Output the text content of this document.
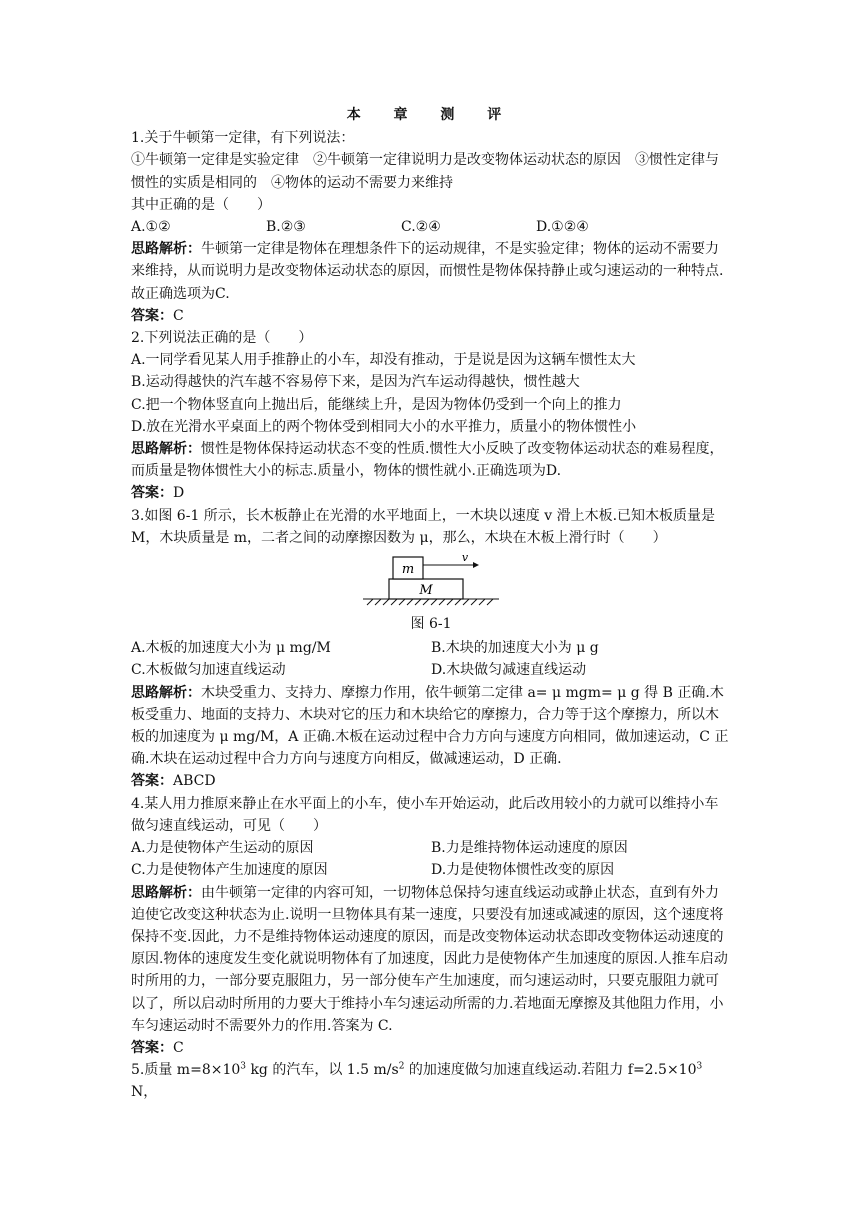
本 章 测 评

1.关于牛顿第一定律，有下列说法：

①牛顿第一定律是实验定律　②牛顿第一定律说明力是改变物体运动状态的原因　③惯性定律与惯性的实质是相同的　④物体的运动不需要力来维持

其中正确的是（　　）

A.①②	B.②③	C.②④	D.①②④

思路解析：牛顿第一定律是物体在理想条件下的运动规律，不是实验定律；物体的运动不需要力来维持，从而说明力是改变物体运动状态的原因，而惯性是物体保持静止或匀速运动的一种特点.故正确选项为C.

答案：C

2.下列说法正确的是（　　）

A.一同学看见某人用手推静止的小车，却没有推动，于是说是因为这辆车惯性太大

B.运动得越快的汽车越不容易停下来，是因为汽车运动得越快，惯性越大

C.把一个物体竖直向上抛出后，能继续上升，是因为物体仍受到一个向上的推力

D.放在光滑水平桌面上的两个物体受到相同大小的水平推力，质量小的物体惯性小

思路解析：惯性是物体保持运动状态不变的性质.惯性大小反映了改变物体运动状态的难易程度，而质量是物体惯性大小的标志.质量小，物体的惯性就小.正确选项为D.

答案：D

3.如图 6-1 所示，长木板静止在光滑的水平地面上，一木块以速度 v 滑上木板.已知木板质量是 M，木块质量是 m，二者之间的动摩擦因数为 μ，那么，木块在木板上滑行时（　　）

m
M
v
图 6-1
A.木板的加速度大小为 μ mg/M	B.木块的加速度大小为 μ g
C.木板做匀加速直线运动	D.木块做匀减速直线运动

思路解析：木块受重力、支持力、摩擦力作用，依牛顿第二定律 a= μ mgm= μ g 得 B 正确.木板受重力、地面的支持力、木块对它的压力和木块给它的摩擦力，合力等于这个摩擦力，所以木板的加速度为 μ mg/M，A 正确.木板在运动过程中合力方向与速度方向相同，做加速运动，C 正确.木块在运动过程中合力方向与速度方向相反，做减速运动，D 正确.

答案：ABCD

4.某人用力推原来静止在水平面上的小车，使小车开始运动，此后改用较小的力就可以维持小车做匀速直线运动，可见（　　）

A.力是使物体产生运动的原因	B.力是维持物体运动速度的原因
C.力是使物体产生加速度的原因	D.力是使物体惯性改变的原因

思路解析：由牛顿第一定律的内容可知，一切物体总保持匀速直线运动或静止状态，直到有外力迫使它改变这种状态为止.说明一旦物体具有某一速度，只要没有加速或减速的原因，这个速度将保持不变.因此，力不是维持物体运动速度的原因，而是改变物体运动状态即改变物体运动速度的原因.物体的速度发生变化就说明物体有了加速度，因此力是使物体产生加速度的原因.人推车启动时所用的力，一部分要克服阻力，另一部分使车产生加速度，而匀速运动时，只要克服阻力就可以了，所以启动时所用的力要大于维持小车匀速运动所需的力.若地面无摩擦及其他阻力作用，小车匀速运动时不需要外力的作用.答案为 C.

答案：C

5.质量 $m=8\times 10^3$ kg 的汽车，以 1.5 $m/s^2$ 的加速度做匀加速直线运动.若阻力 $f=2.5\times 10^3$ N，
